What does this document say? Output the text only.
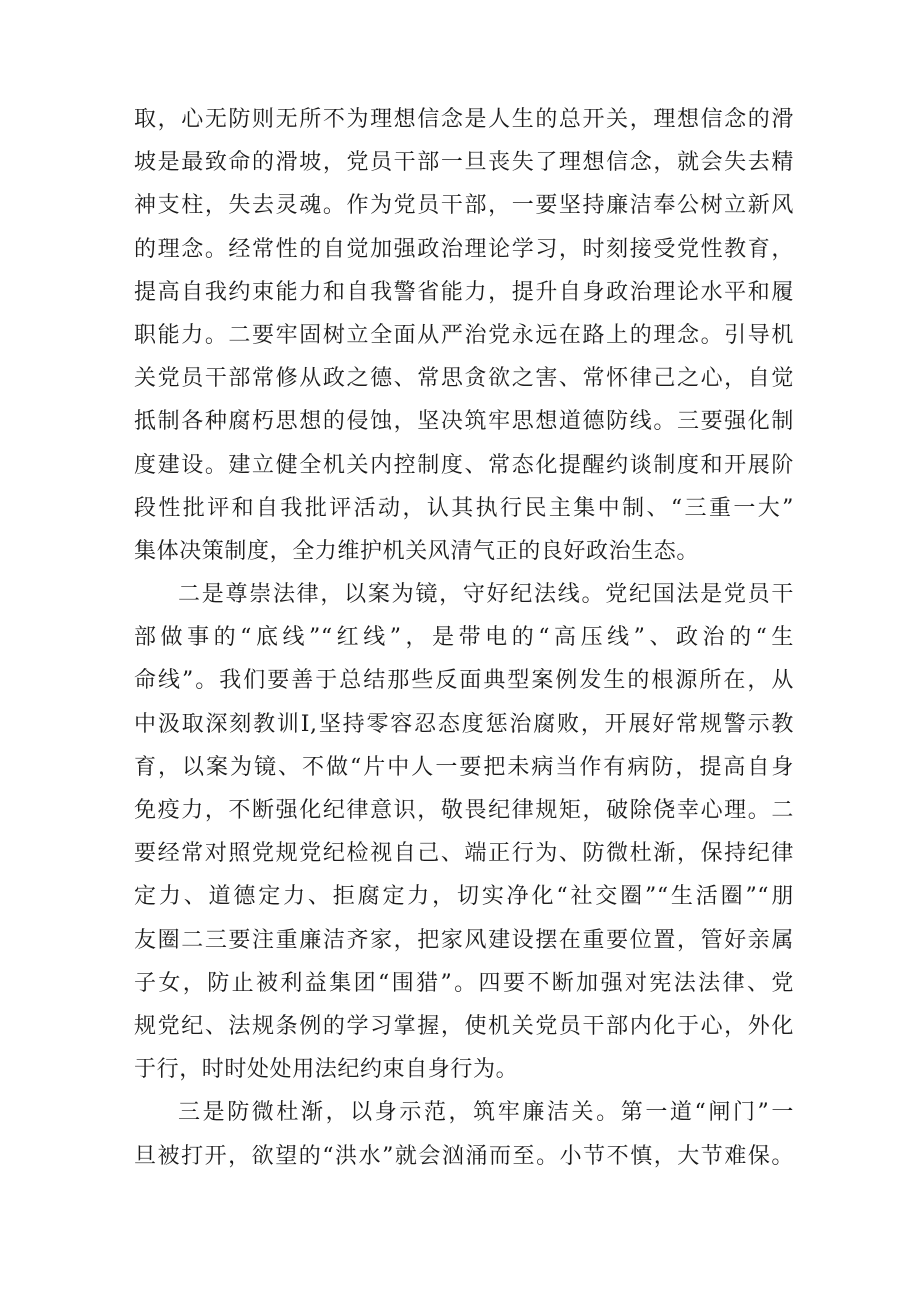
取，心无防则无所不为理想信念是人生的总开关，理想信念的滑
坡是最致命的滑坡，党员干部一旦丧失了理想信念，就会失去精
神支柱，失去灵魂。作为党员干部，一要坚持廉洁奉公树立新风
的理念。经常性的自觉加强政治理论学习，时刻接受党性教育，
提高自我约束能力和自我警省能力，提升自身政治理论水平和履
职能力。二要牢固树立全面从严治党永远在路上的理念。引导机
关党员干部常修从政之德、常思贪欲之害、常怀律己之心，自觉
抵制各种腐朽思想的侵蚀，坚决筑牢思想道德防线。三要强化制
度建设。建立健全机关内控制度、常态化提醒约谈制度和开展阶
段性批评和自我批评活动，认其执行民主集中制、“三重一大”
集体决策制度，全力维护机关风清气正的良好政治生态。
二是尊崇法律，以案为镜，守好纪法线。党纪国法是党员干
部做事的“底线”“红线”，是带电的“高压线”、政治的“生
命线”。我们要善于总结那些反面典型案例发生的根源所在，从
中汲取深刻教训I,坚持零容忍态度惩治腐败，开展好常规警示教
育，以案为镜、不做“片中人一要把未病当作有病防，提高自身
免疫力，不断强化纪律意识，敬畏纪律规矩，破除侥幸心理。二
要经常对照党规党纪检视自己、端正行为、防微杜渐，保持纪律
定力、道德定力、拒腐定力，切实净化“社交圈”“生活圈”“朋
友圈二三要注重廉洁齐家，把家风建设摆在重要位置，管好亲属
子女，防止被利益集团“围猎”。四要不断加强对宪法法律、党
规党纪、法规条例的学习掌握，使机关党员干部内化于心，外化
于行，时时处处用法纪约束自身行为。
三是防微杜渐，以身示范，筑牢廉洁关。第一道“闸门”一
旦被打开，欲望的“洪水”就会汹涌而至。小节不慎，大节难保。
